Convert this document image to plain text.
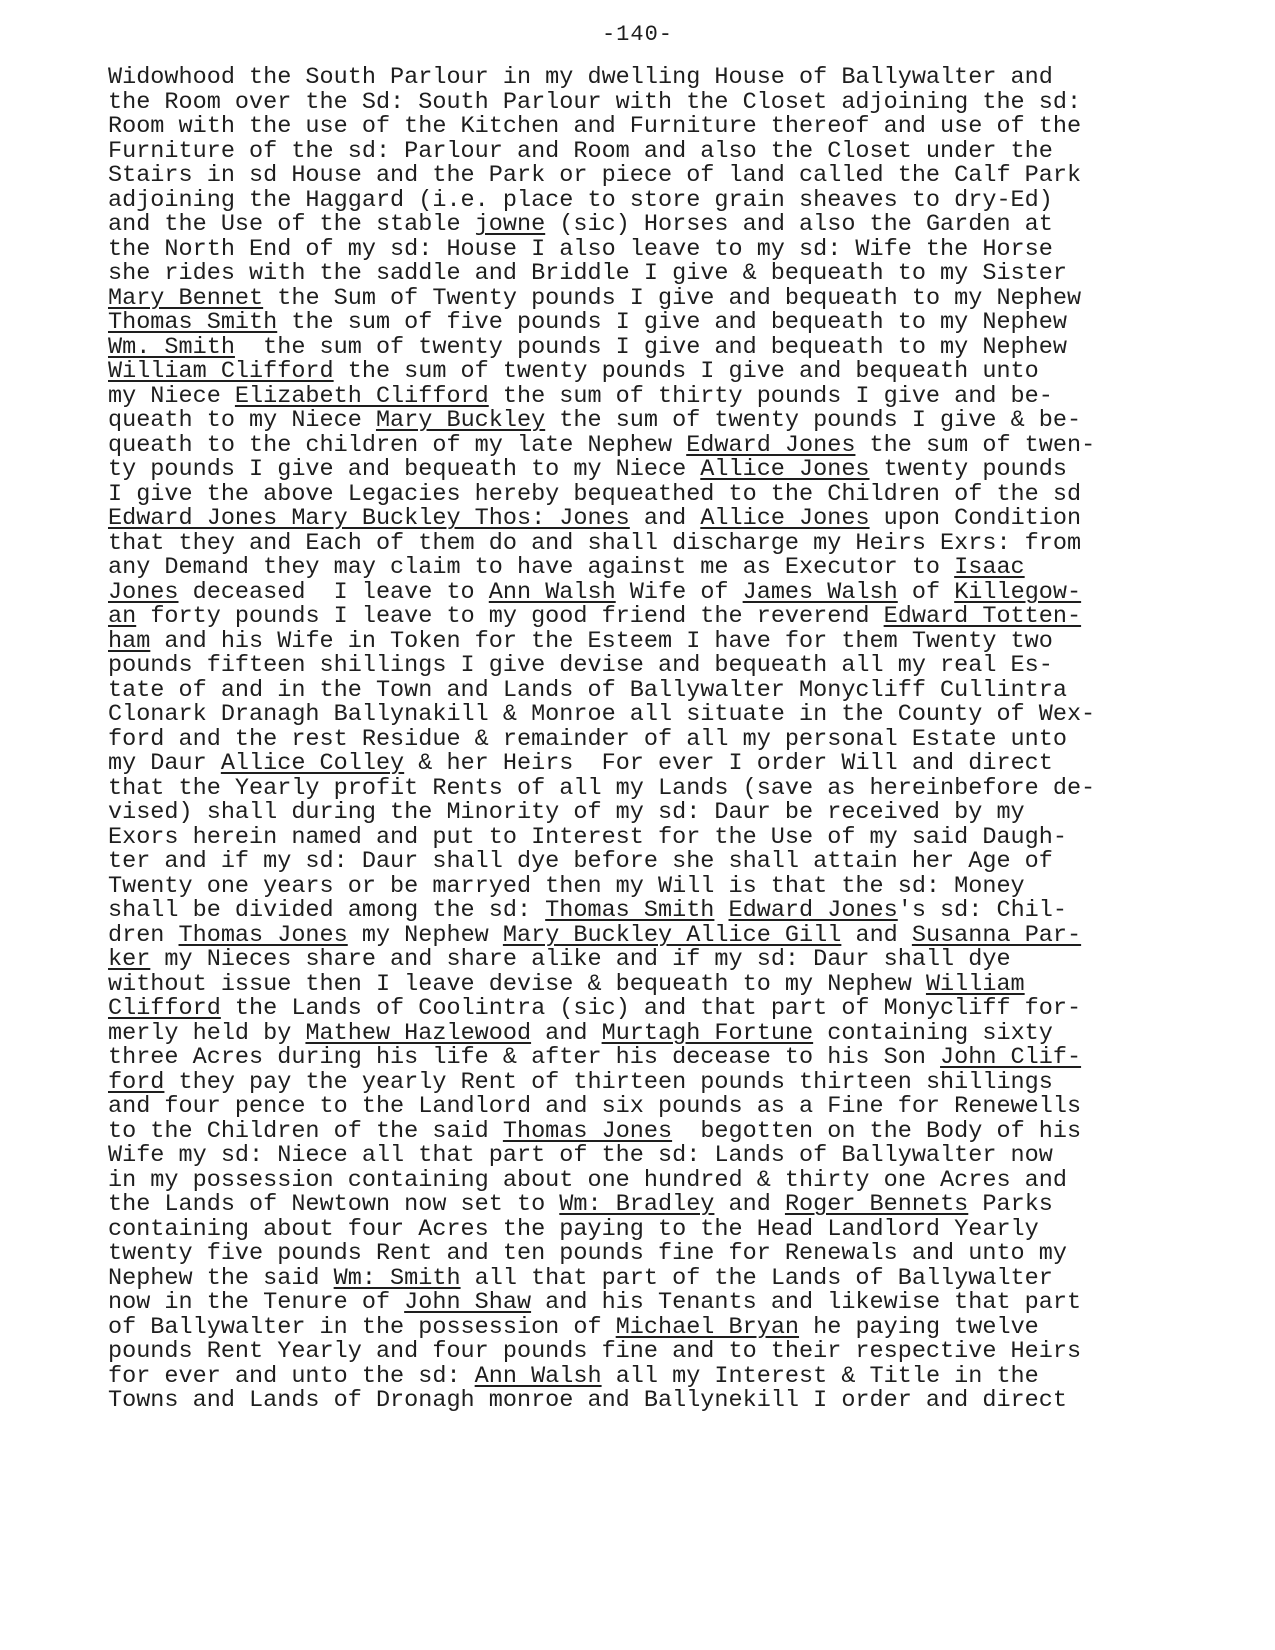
-140-
Widowhood the South Parlour in my dwelling House of Ballywalter and
the Room over the Sd: South Parlour with the Closet adjoining the sd:
Room with the use of the Kitchen and Furniture thereof and use of the
Furniture of the sd: Parlour and Room and also the Closet under the
Stairs in sd House and the Park or piece of land called the Calf Park
adjoining the Haggard (i.e. place to store grain sheaves to dry-Ed)
and the Use of the stable jowne (sic) Horses and also the Garden at
the North End of my sd: House I also leave to my sd: Wife the Horse
she rides with the saddle and Briddle I give & bequeath to my Sister
Mary Bennet the Sum of Twenty pounds I give and bequeath to my Nephew
Thomas Smith the sum of five pounds I give and bequeath to my Nephew
Wm. Smith  the sum of twenty pounds I give and bequeath to my Nephew
William Clifford the sum of twenty pounds I give and bequeath unto
my Niece Elizabeth Clifford the sum of thirty pounds I give and be-
queath to my Niece Mary Buckley the sum of twenty pounds I give & be-
queath to the children of my late Nephew Edward Jones the sum of twen-
ty pounds I give and bequeath to my Niece Allice Jones twenty pounds
I give the above Legacies hereby bequeathed to the Children of the sd
Edward Jones Mary Buckley Thos: Jones and Allice Jones upon Condition
that they and Each of them do and shall discharge my Heirs Exrs: from
any Demand they may claim to have against me as Executor to Isaac
Jones deceased  I leave to Ann Walsh Wife of James Walsh of Killegow-
an forty pounds I leave to my good friend the reverend Edward Totten-
ham and his Wife in Token for the Esteem I have for them Twenty two
pounds fifteen shillings I give devise and bequeath all my real Es-
tate of and in the Town and Lands of Ballywalter Monycliff Cullintra
Clonark Dranagh Ballynakill & Monroe all situate in the County of Wex-
ford and the rest Residue & remainder of all my personal Estate unto
my Daur Allice Colley & her Heirs  For ever I order Will and direct
that the Yearly profit Rents of all my Lands (save as hereinbefore de-
vised) shall during the Minority of my sd: Daur be received by my
Exors herein named and put to Interest for the Use of my said Daugh-
ter and if my sd: Daur shall dye before she shall attain her Age of
Twenty one years or be marryed then my Will is that the sd: Money
shall be divided among the sd: Thomas Smith Edward Jones's sd: Chil-
dren Thomas Jones my Nephew Mary Buckley Allice Gill and Susanna Par-
ker my Nieces share and share alike and if my sd: Daur shall dye
without issue then I leave devise & bequeath to my Nephew William
Clifford the Lands of Coolintra (sic) and that part of Monycliff for-
merly held by Mathew Hazlewood and Murtagh Fortune containing sixty
three Acres during his life & after his decease to his Son John Clif-
ford they pay the yearly Rent of thirteen pounds thirteen shillings
and four pence to the Landlord and six pounds as a Fine for Renewells
to the Children of the said Thomas Jones  begotten on the Body of his
Wife my sd: Niece all that part of the sd: Lands of Ballywalter now
in my possession containing about one hundred & thirty one Acres and
the Lands of Newtown now set to Wm: Bradley and Roger Bennets Parks
containing about four Acres the paying to the Head Landlord Yearly
twenty five pounds Rent and ten pounds fine for Renewals and unto my
Nephew the said Wm: Smith all that part of the Lands of Ballywalter
now in the Tenure of John Shaw and his Tenants and likewise that part
of Ballywalter in the possession of Michael Bryan he paying twelve
pounds Rent Yearly and four pounds fine and to their respective Heirs
for ever and unto the sd: Ann Walsh all my Interest & Title in the
Towns and Lands of Dronagh monroe and Ballynekill I order and direct
